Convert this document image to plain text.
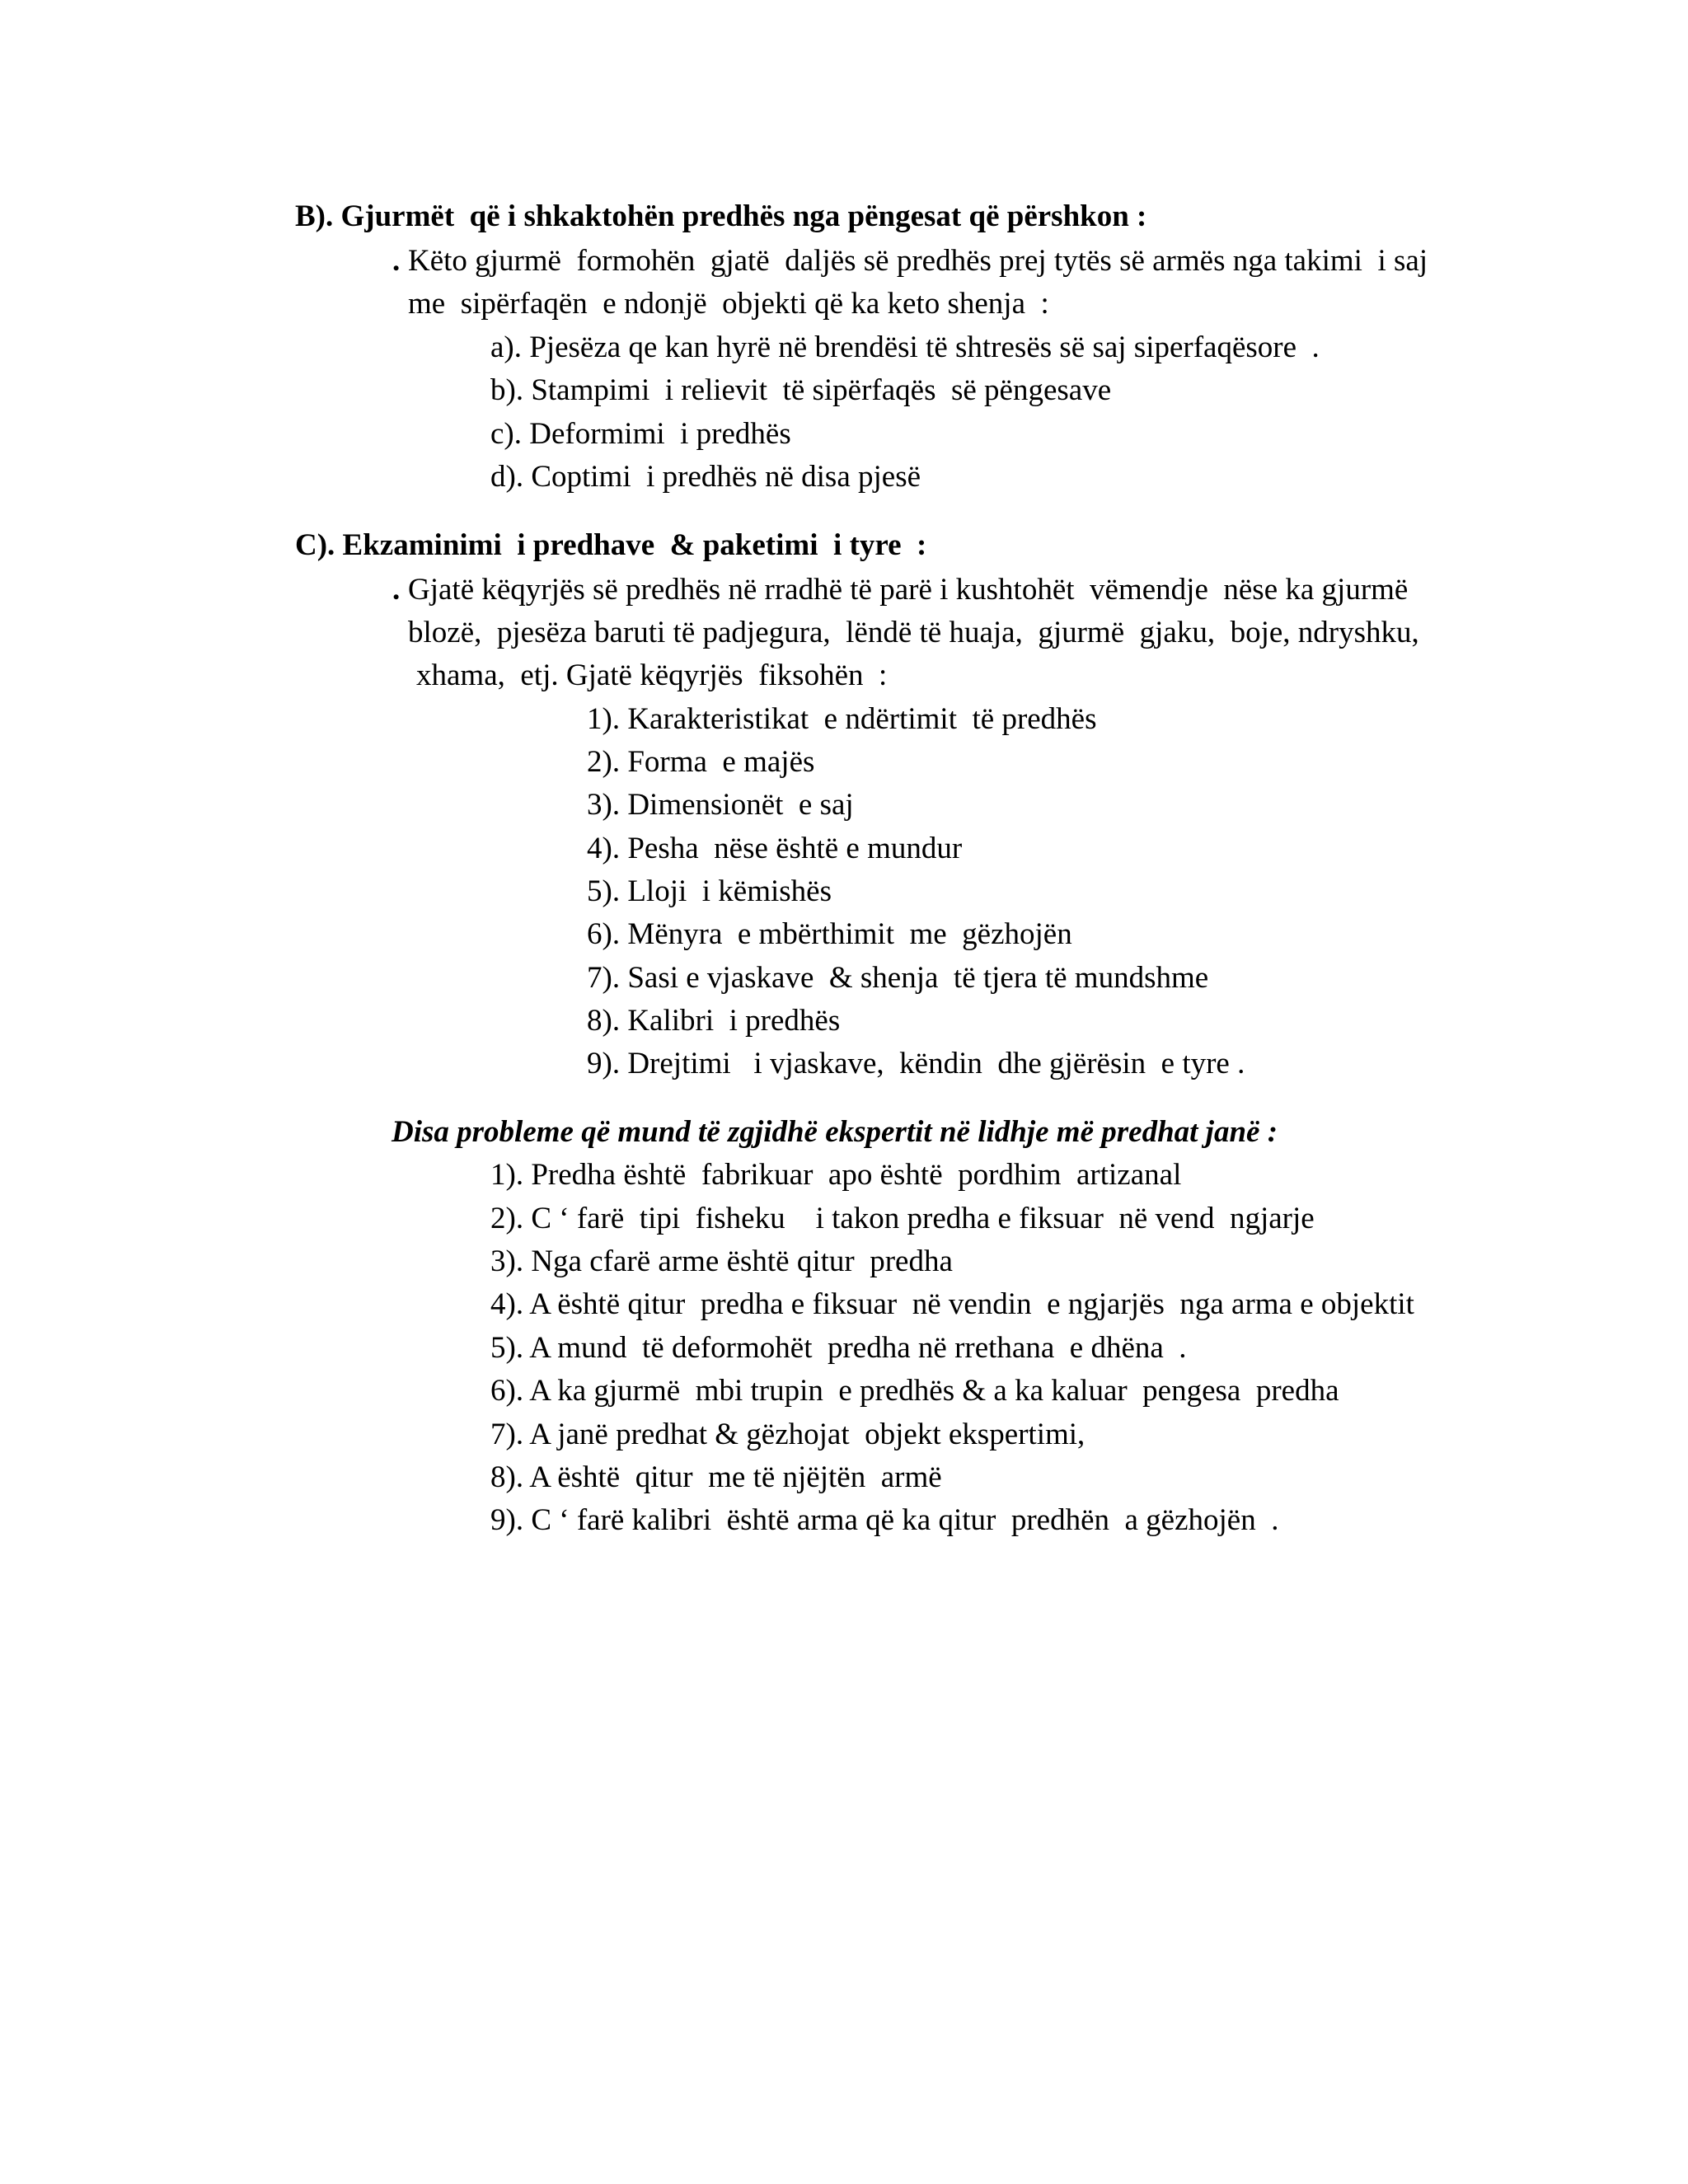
B). Gjurmët  që i shkaktohën predhës nga pëngesat që përshkon :
. Këto gjurmë  formohën  gjatë  daljës së predhës prej tytës së armës nga takimi  i saj
me  sipërfaqën  e ndonjë  objekti që ka keto shenja  :
a). Pjesëza qe kan hyrë në brendësi të shtresës së saj siperfaqësore  .
b). Stampimi  i relievit  të sipërfaqës  së pëngesave
c). Deformimi  i predhës
d). Coptimi  i predhës në disa pjesë
C). Ekzaminimi  i predhave  & paketimi  i tyre  :
. Gjatë këqyrjës së predhës në rradhë të parë i kushtohët  vëmendje  nëse ka gjurmë
blozë,  pjesëza baruti të padjegura,  lëndë të huaja,  gjurmë  gjaku,  boje, ndryshku,
xhama,  etj. Gjatë këqyrjës  fiksohën  :
1). Karakteristikat  e ndërtimit  të predhës
2). Forma  e majës
3). Dimensionët  e saj
4). Pesha  nëse është e mundur
5). Lloji  i këmishës
6). Mënyra  e mbërthimit  me  gëzhojën
7). Sasi e vjaskave  & shenja  të tjera të mundshme
8). Kalibri  i predhës
9). Drejtimi   i vjaskave,  këndin  dhe gjërësin  e tyre .
Disa probleme që mund të zgjidhë ekspertit në lidhje më predhat janë :
1). Predha është  fabrikuar  apo është  pordhim  artizanal
2). C ‘ farë  tipi  fisheku    i takon predha e fiksuar  në vend  ngjarje
3). Nga cfarë arme është qitur  predha
4). A është qitur  predha e fiksuar  në vendin  e ngjarjës  nga arma e objektit
5). A mund  të deformohët  predha në rrethana  e dhëna  .
6). A ka gjurmë  mbi trupin  e predhës & a ka kaluar  pengesa  predha
7). A janë predhat & gëzhojat  objekt ekspertimi,
8). A është  qitur  me të njëjtën  armë
9). C ‘ farë kalibri  është arma që ka qitur  predhën  a gëzhojën  .
